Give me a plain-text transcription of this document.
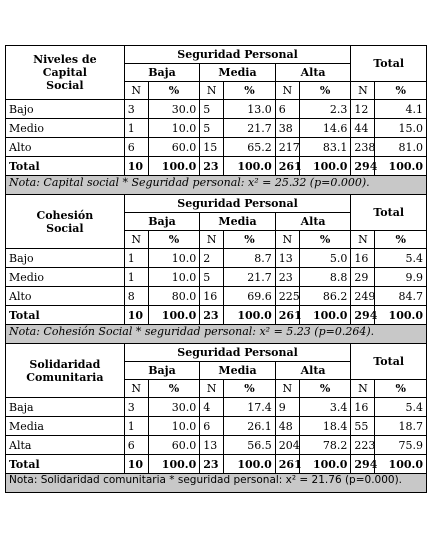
Niveles de
Capital
Social	Seguridad Personal						Total	
	Baja		Media		Alta			
	N	%	N	%	N	%	N	%
Bajo	3	30.0	5	13.0	6	2.3	12	4.1
Medio	1	10.0	5	21.7	38	14.6	44	15.0
Alto	6	60.0	15	65.2	217	83.1	238	81.0
Total	10	100.0	23	100.0	261	100.0	294	100.0
Nota: Capital social * Seguridad personal: x² = 25.32 (p=0.000).								
Cohesión
Social	Seguridad Personal						Total	
	Baja		Media		Alta			
	N	%	N	%	N	%	N	%
Bajo	1	10.0	2	8.7	13	5.0	16	5.4
Medio	1	10.0	5	21.7	23	8.8	29	9.9
Alto	8	80.0	16	69.6	225	86.2	249	84.7
Total	10	100.0	23	100.0	261	100.0	294	100.0
Nota: Cohesión Social * seguridad personal: x² = 5.23 (p=0.264).								
Solidaridad
Comunitaria	Seguridad Personal						Total	
	Baja		Media		Alta			
	N	%	N	%	N	%	N	%
Baja	3	30.0	4	17.4	9	3.4	16	5.4
Media	1	10.0	6	26.1	48	18.4	55	18.7
Alta	6	60.0	13	56.5	204	78.2	223	75.9
Total	10	100.0	23	100.0	261	100.0	294	100.0
Nota: Solidaridad comunitaria * seguridad personal: x² = 21.76 (p=0.000).								
